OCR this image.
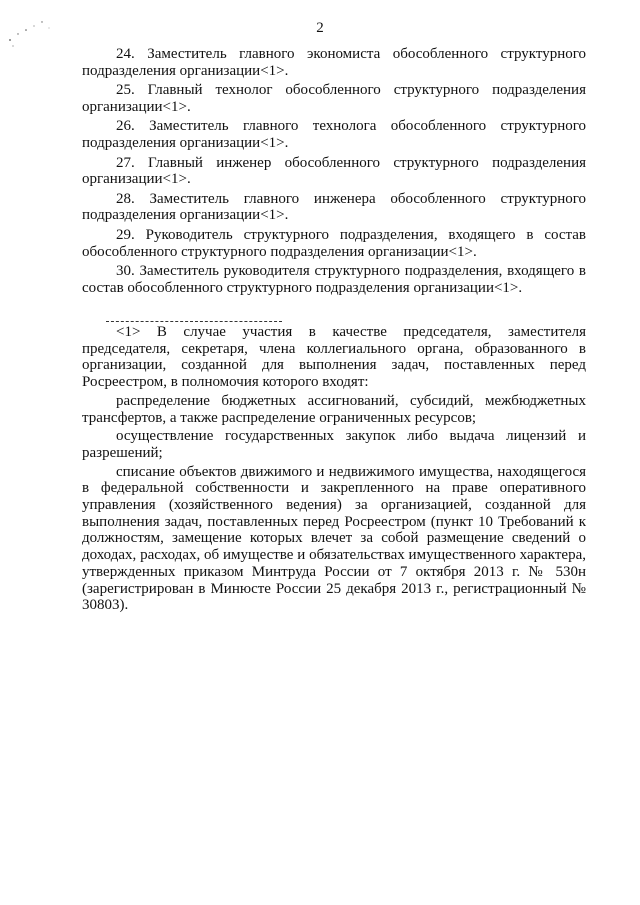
2

24. Заместитель главного экономиста обособленного структурного подразделения организации<1>.

25. Главный технолог обособленного структурного подразделения организации<1>.

26. Заместитель главного технолога обособленного структурного подразделения организации<1>.

27. Главный инженер обособленного структурного подразделения организации<1>.

28. Заместитель главного инженера обособленного структурного подразделения организации<1>.

29. Руководитель структурного подразделения, входящего в состав обособленного структурного подразделения организации<1>.

30. Заместитель руководителя структурного подразделения, входящего в состав обособленного структурного подразделения организации<1>.

<1> В случае участия в качестве председателя, заместителя председателя, секретаря, члена коллегиального органа, образованного в организации, созданной для выполнения задач, поставленных перед Росреестром, в полномочия которого входят:

распределение бюджетных ассигнований, субсидий, межбюджетных трансфертов, а также распределение ограниченных ресурсов;

осуществление государственных закупок либо выдача лицензий и разрешений;

списание объектов движимого и недвижимого имущества, находящегося в федеральной собственности и закрепленного на праве оперативного управления (хозяйственного ведения) за организацией, созданной для выполнения задач, поставленных перед Росреестром (пункт 10 Требований к должностям, замещение которых влечет за собой размещение сведений о доходах, расходах, об имуществе и обязательствах имущественного характера, утвержденных приказом Минтруда России от 7 октября 2013 г. № 530н (зарегистрирован в Минюсте России 25 декабря 2013 г., регистрационный № 30803).
